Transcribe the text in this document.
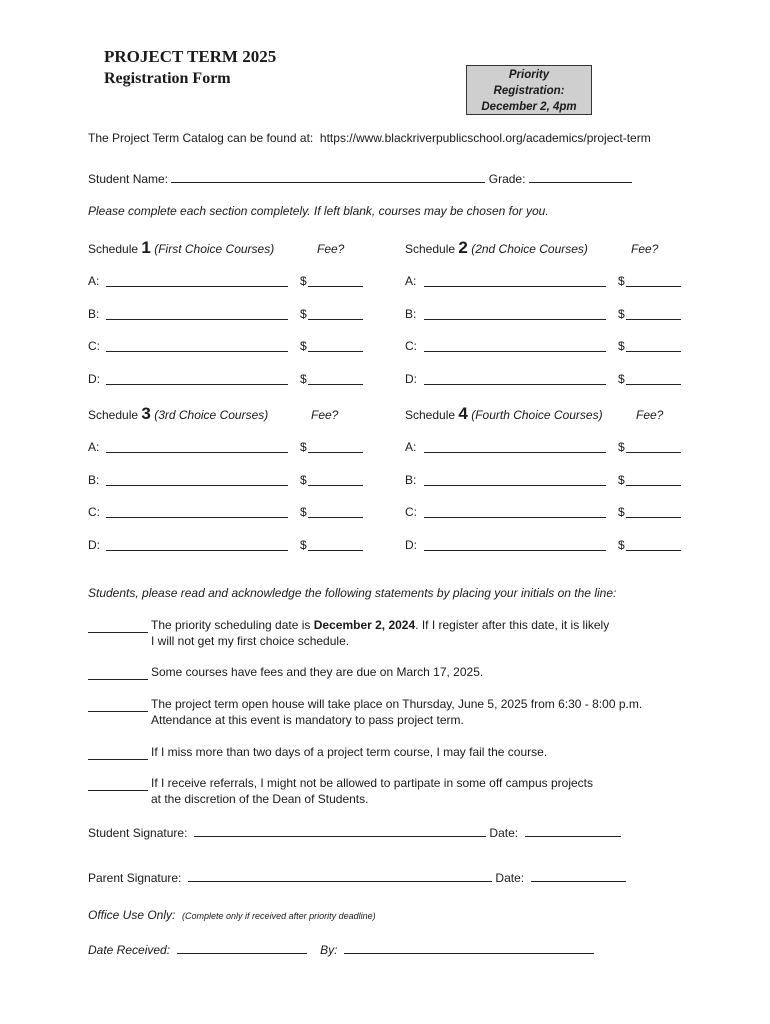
PROJECT TERM 2025
Registration Form	Priority
Registration:
December 2, 4pm
The Project Term Catalog can be found at: https://www.blackriverpublicschool.org/academics/project-term
Student Name:	Grade:
Please complete each section completely. If left blank, courses may be chosen for you.
Schedule 1 (First Choice Courses)	Fee?	Schedule 2 (2nd Choice Courses)	Fee?
A:	$	A:	$
B:	$	B:	$
C:	$	C:	$
D:	$	D:	$
Schedule 3 (3rd Choice Courses)	Fee?	Schedule 4 (Fourth Choice Courses)	Fee?
A:	$	A:	$
B:	$	B:	$
C:	$	C:	$
D:	$	D:	$
Students, please read and acknowledge the following statements by placing your initials on the line:
The priority scheduling date is December 2, 2024. If I register after this date, it is likely
I will not get my first choice schedule.
Some courses have fees and they are due on March 17, 2025.
The project term open house will take place on Thursday, June 5, 2025 from 6:30 - 8:00 p.m.
Attendance at this event is mandatory to pass project term.
If I miss more than two days of a project term course, I may fail the course.
If I receive referrals, I might not be allowed to partipate in some off campus projects
at the discretion of the Dean of Students.
Student Signature:	Date:
Parent Signature:	Date:
Office Use Only: (Complete only if received after priority deadline)
Date Received:	By:
